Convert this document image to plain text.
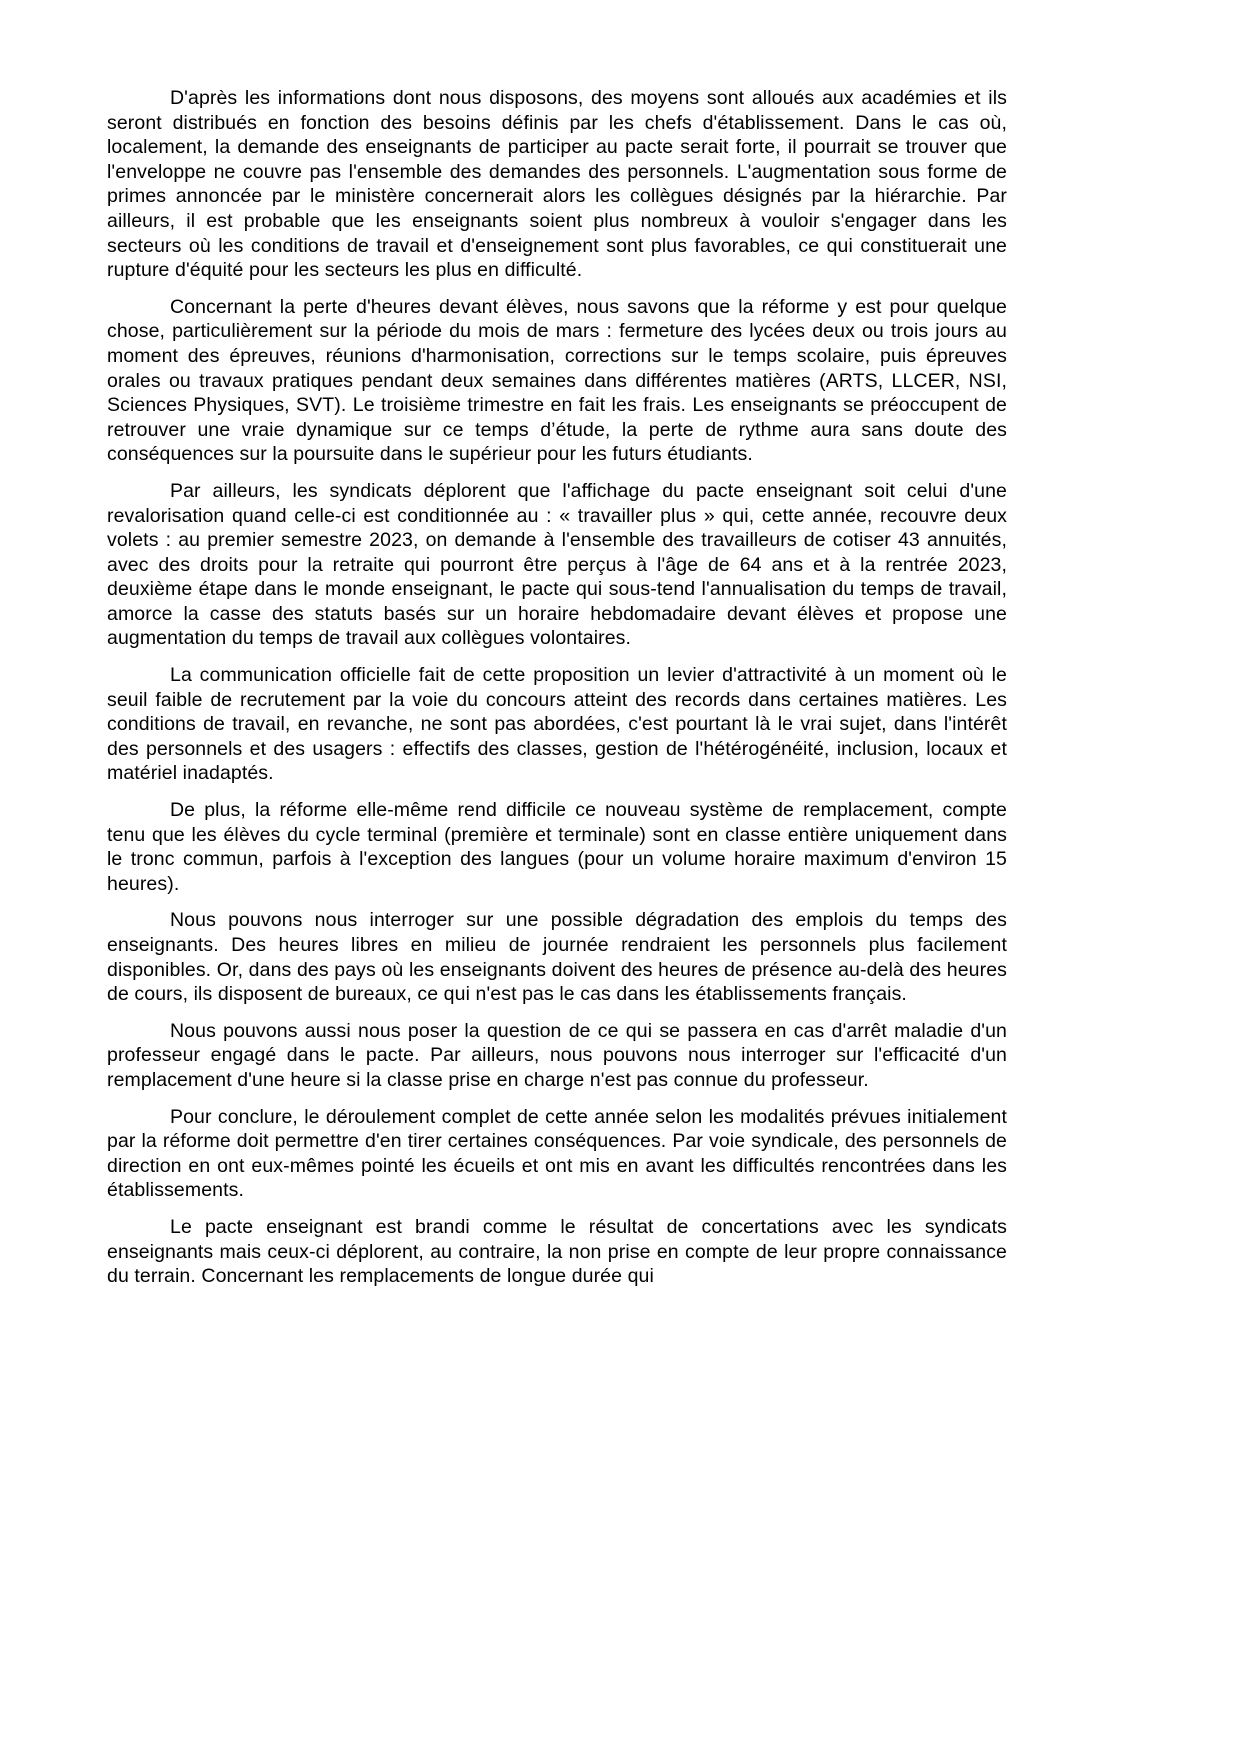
D'après les informations dont nous disposons, des moyens sont alloués aux académies et ils seront distribués en fonction des besoins définis par les chefs d'établissement. Dans le cas où, localement, la demande des enseignants de participer au pacte serait forte, il pourrait se trouver que l'enveloppe ne couvre pas l'ensemble des demandes des personnels. L'augmentation sous forme de primes annoncée par le ministère concernerait alors les collègues désignés par la hiérarchie. Par ailleurs, il est probable que les enseignants soient plus nombreux à vouloir s'engager dans les secteurs où les conditions de travail et d'enseignement sont plus favorables, ce qui constituerait une rupture d'équité pour les secteurs les plus en difficulté.

Concernant la perte d'heures devant élèves, nous savons que la réforme y est pour quelque chose, particulièrement sur la période du mois de mars : fermeture des lycées deux ou trois jours au moment des épreuves, réunions d'harmonisation, corrections sur le temps scolaire, puis épreuves orales ou travaux pratiques pendant deux semaines dans différentes matières (ARTS, LLCER, NSI, Sciences Physiques, SVT). Le troisième trimestre en fait les frais. Les enseignants se préoccupent de retrouver une vraie dynamique sur ce temps d’étude, la perte de rythme aura sans doute des conséquences sur la poursuite dans le supérieur pour les futurs étudiants.

Par ailleurs, les syndicats déplorent que l'affichage du pacte enseignant soit celui d'une revalorisation quand celle-ci est conditionnée au : « travailler plus » qui, cette année, recouvre deux volets : au premier semestre 2023, on demande à l'ensemble des travailleurs de cotiser 43 annuités, avec des droits pour la retraite qui pourront être perçus à l'âge de 64 ans et à la rentrée 2023, deuxième étape dans le monde enseignant, le pacte qui sous-tend l'annualisation du temps de travail, amorce la casse des statuts basés sur un horaire hebdomadaire devant élèves et propose une augmentation du temps de travail aux collègues volontaires.

La communication officielle fait de cette proposition un levier d'attractivité à un moment où le seuil faible de recrutement par la voie du concours atteint des records dans certaines matières. Les conditions de travail, en revanche, ne sont pas abordées, c'est pourtant là le vrai sujet, dans l'intérêt des personnels et des usagers : effectifs des classes, gestion de l'hétérogénéité, inclusion, locaux et matériel inadaptés.

De plus, la réforme elle-même rend difficile ce nouveau système de remplacement, compte tenu que les élèves du cycle terminal (première et terminale) sont en classe entière uniquement dans le tronc commun, parfois à l'exception des langues (pour un volume horaire maximum d'environ 15 heures).

Nous pouvons nous interroger sur une possible dégradation des emplois du temps des enseignants. Des heures libres en milieu de journée rendraient les personnels plus facilement disponibles. Or, dans des pays où les enseignants doivent des heures de présence au-delà des heures de cours, ils disposent de bureaux, ce qui n'est pas le cas dans les établissements français.

Nous pouvons aussi nous poser la question de ce qui se passera en cas d'arrêt maladie d'un professeur engagé dans le pacte. Par ailleurs, nous pouvons nous interroger sur l'efficacité d'un remplacement d'une heure si la classe prise en charge n'est pas connue du professeur.

Pour conclure, le déroulement complet de cette année selon les modalités prévues initialement par la réforme doit permettre d'en tirer certaines conséquences. Par voie syndicale, des personnels de direction en ont eux-mêmes pointé les écueils et ont mis en avant les difficultés rencontrées dans les établissements.

Le pacte enseignant est brandi comme le résultat de concertations avec les syndicats enseignants mais ceux-ci déplorent, au contraire, la non prise en compte de leur propre connaissance du terrain. Concernant les remplacements de longue durée qui
